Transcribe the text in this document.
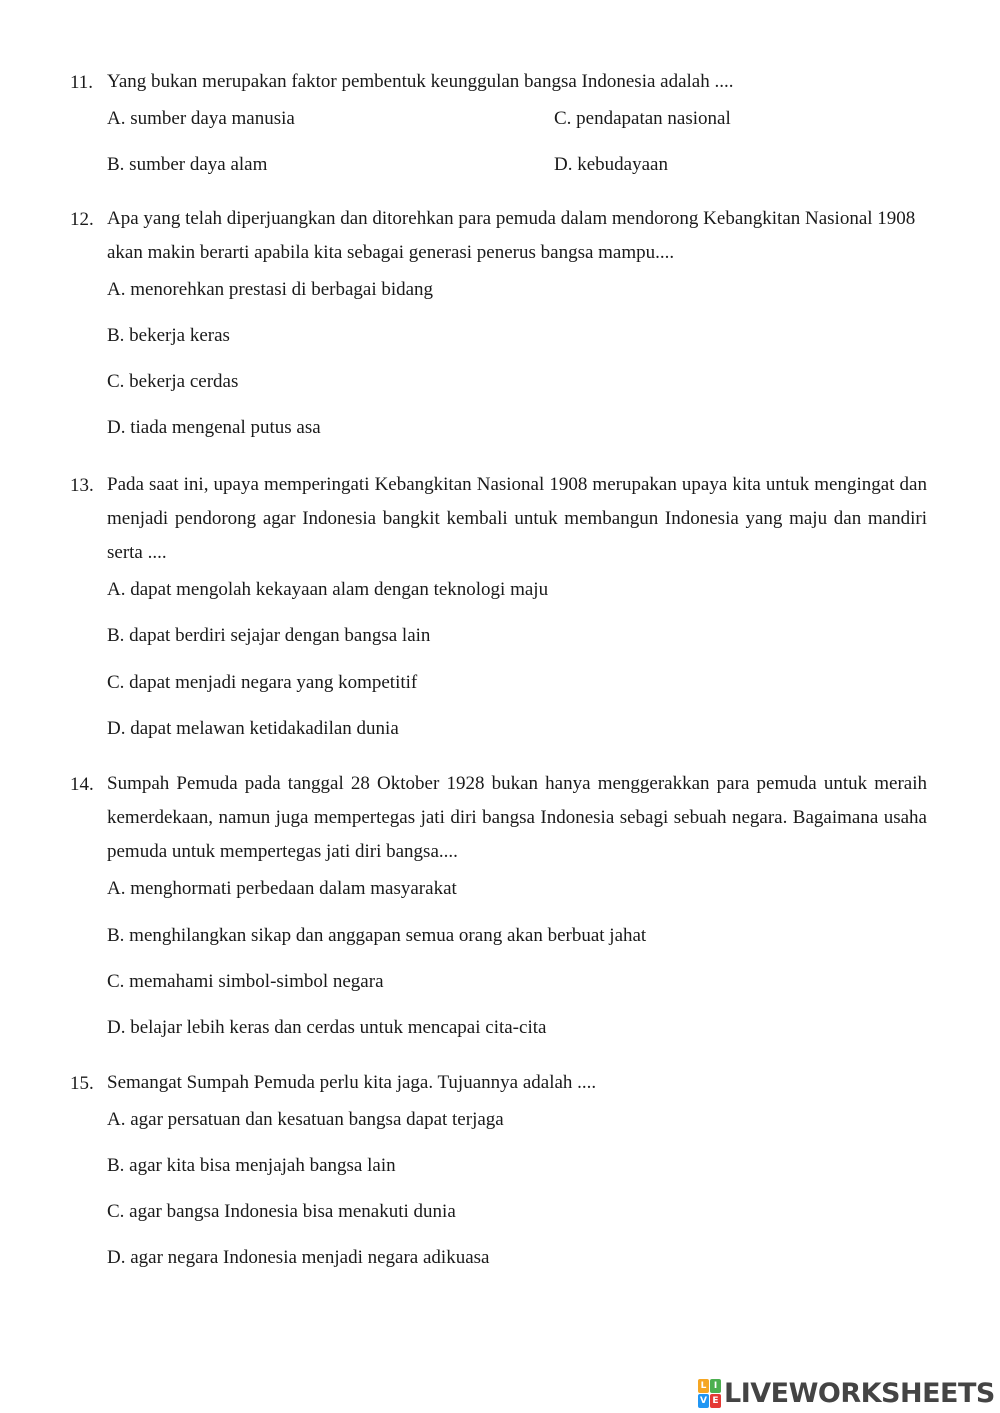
11. Yang bukan merupakan faktor pembentuk keunggulan bangsa Indonesia adalah ....
A. sumber daya manusia	C. pendapatan nasional
B. sumber daya alam	D. kebudayaan
12. Apa yang telah diperjuangkan dan ditorehkan para pemuda dalam mendorong Kebangkitan Nasional 1908 akan makin berarti apabila kita sebagai generasi penerus bangsa mampu....
A. menorehkan prestasi di berbagai bidang
B. bekerja keras
C. bekerja cerdas
D. tiada mengenal putus asa
13. Pada saat ini, upaya memperingati Kebangkitan Nasional 1908 merupakan upaya kita untuk mengingat dan menjadi pendorong agar Indonesia bangkit kembali untuk membangun Indonesia yang maju dan mandiri serta ....
A. dapat mengolah kekayaan alam dengan teknologi maju
B. dapat berdiri sejajar dengan bangsa lain
C. dapat menjadi negara yang kompetitif
D. dapat melawan ketidakadilan dunia
14. Sumpah Pemuda pada tanggal 28 Oktober 1928 bukan hanya menggerakkan para pemuda untuk meraih kemerdekaan, namun juga mempertegas jati diri bangsa Indonesia sebagi sebuah negara. Bagaimana usaha pemuda untuk mempertegas jati diri bangsa....
A. menghormati perbedaan dalam masyarakat
B. menghilangkan sikap dan anggapan semua orang akan berbuat jahat
C. memahami simbol-simbol negara
D. belajar lebih keras dan cerdas untuk mencapai cita-cita
15. Semangat Sumpah Pemuda perlu kita jaga. Tujuannya adalah ....
A. agar persatuan dan kesatuan bangsa dapat terjaga
B. agar kita bisa menjajah bangsa lain
C. agar bangsa Indonesia bisa menakuti dunia
D. agar negara Indonesia menjadi negara adikuasa
L I
V E LIVEWORKSHEETS
